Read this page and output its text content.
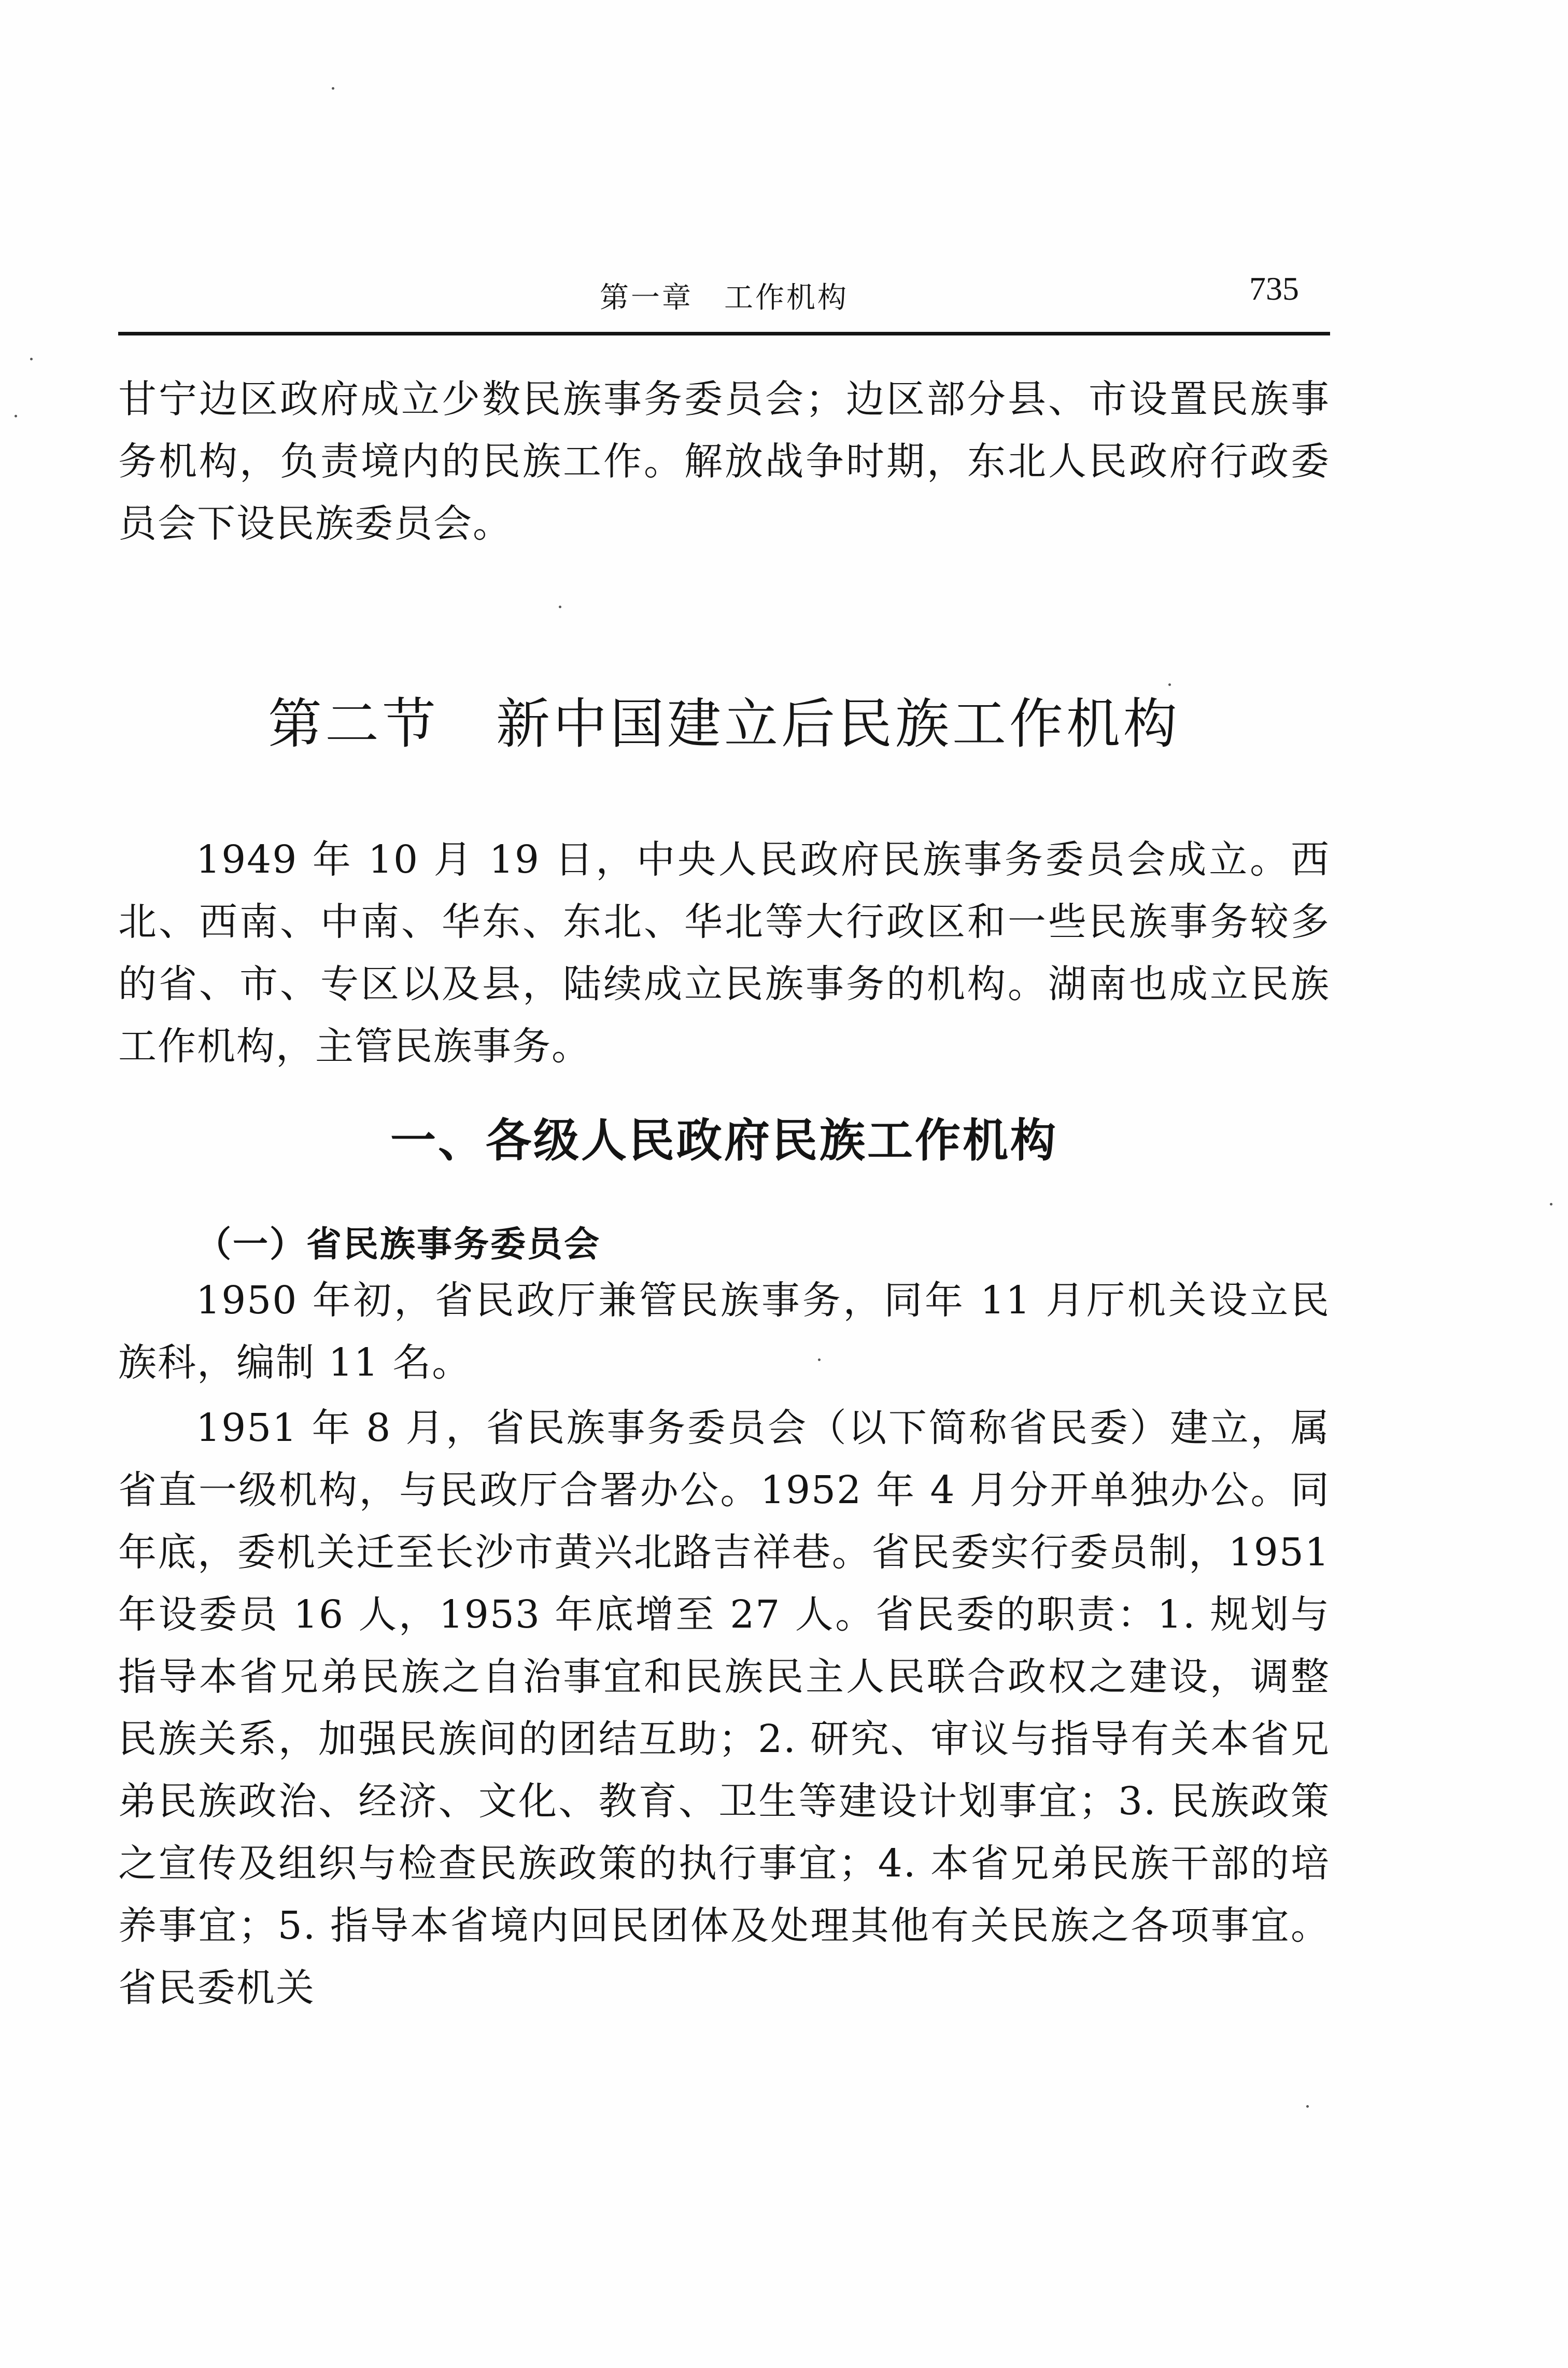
第一章　工作机构	735
甘宁边区政府成立少数民族事务委员会；边区部分县、市设置民族事务机构，负责境内的民族工作。解放战争时期，东北人民政府行政委员会下设民族委员会。
第二节　新中国建立后民族工作机构
1949 年 10 月 19 日，中央人民政府民族事务委员会成立。西北、西南、中南、华东、东北、华北等大行政区和一些民族事务较多的省、市、专区以及县，陆续成立民族事务的机构。湖南也成立民族工作机构，主管民族事务。
一、各级人民政府民族工作机构
（一）省民族事务委员会
1950 年初，省民政厅兼管民族事务，同年 11 月厅机关设立民族科，编制 11 名。
1951 年 8 月，省民族事务委员会（以下简称省民委）建立，属省直一级机构，与民政厅合署办公。1952 年 4 月分开单独办公。同年底，委机关迁至长沙市黄兴北路吉祥巷。省民委实行委员制，1951 年设委员 16 人，1953 年底增至 27 人。省民委的职责：1. 规划与指导本省兄弟民族之自治事宜和民族民主人民联合政权之建设，调整民族关系，加强民族间的团结互助；2. 研究、审议与指导有关本省兄弟民族政治、经济、文化、教育、卫生等建设计划事宜；3. 民族政策之宣传及组织与检查民族政策的执行事宜；4. 本省兄弟民族干部的培养事宜；5. 指导本省境内回民团体及处理其他有关民族之各项事宜。省民委机关
